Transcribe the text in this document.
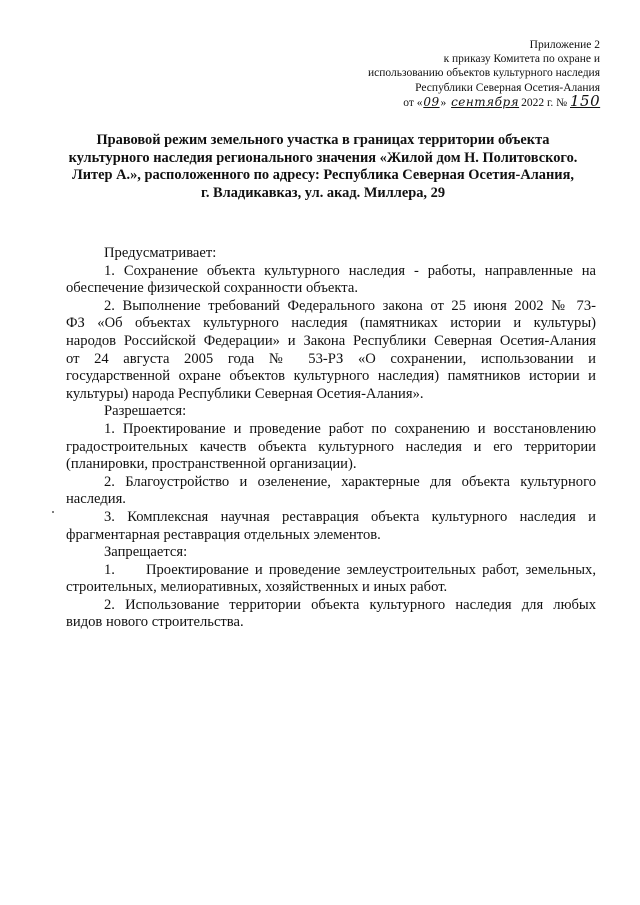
Приложение 2
к приказу Комитета по охране и
использованию объектов культурного наследия
Республики Северная Осетия-Алания
от «09» сентября 2022 г. № 150
Правовой режим земельного участка в границах территории объекта
культурного наследия регионального значения «Жилой дом Н. Политовского.
Литер А.», расположенного по адресу: Республика Северная Осетия-Алания,
г. Владикавказ, ул. акад. Миллера, 29

Предусматривает:

1. Сохранение объекта культурного наследия - работы, направленные на
обеспечение физической сохранности объекта.
2. Выполнение требований Федерального закона от 25 июня 2002 № 73-
ФЗ «Об объектах культурного наследия (памятниках истории и культуры)
народов Российской Федерации» и Закона Республики Северная Осетия-Алания
от 24 августа 2005 года № 53-РЗ «О сохранении, использовании и
государственной охране объектов культурного наследия) памятников истории и
культуры) народа Республики Северная Осетия-Алания».

Разрешается:

1. Проектирование и проведение работ по сохранению и восстановлению
градостроительных качеств объекта культурного наследия и его территории
(планировки, пространственной организации).
2. Благоустройство и озеленение, характерные для объекта культурного
наследия.
3. Комплексная научная реставрация объекта культурного наследия и
фрагментарная реставрация отдельных элементов.

Запрещается:

1.     Проектирование и проведение землеустроительных работ, земельных,
строительных, мелиоративных, хозяйственных и иных работ.
2. Использование территории объекта культурного наследия для любых
видов нового строительства.
